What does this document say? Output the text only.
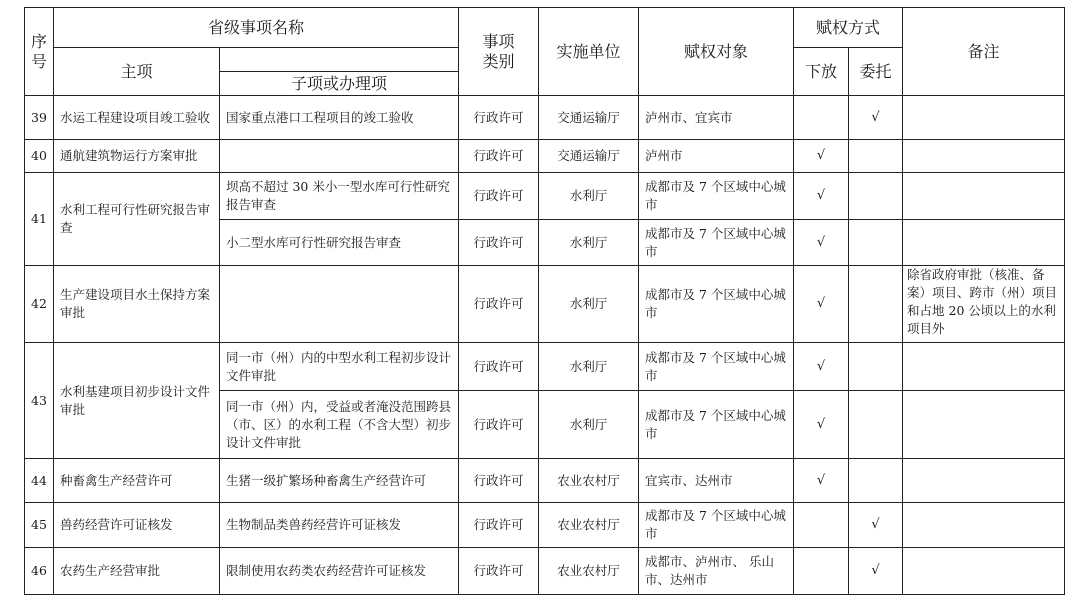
序号	省级事项名称		事项类别	实施单位	赋权对象	赋权方式		备注
	主项					下放	委托	
		子项或办理项						
39	水运工程建设项目竣工验收	国家重点港口工程项目的竣工验收	行政许可	交通运输厅	泸州市、宜宾市		√	
40	通航建筑物运行方案审批		行政许可	交通运输厅	泸州市	√		
41	水利工程可行性研究报告审查	坝高不超过 30 米小一型水库可行性研究报告审查	行政许可	水利厅	成都市及 7 个区域中心城市	√		
		小二型水库可行性研究报告审查	行政许可	水利厅	成都市及 7 个区域中心城市	√		
42	生产建设项目水土保持方案审批		行政许可	水利厅	成都市及 7 个区域中心城市	√		除省政府审批（核准、备案）项目、跨市（州）项目和占地 20 公顷以上的水利项目外
43	水利基建项目初步设计文件审批	同一市（州）内的中型水利工程初步设计文件审批	行政许可	水利厅	成都市及 7 个区域中心城市	√		
		同一市（州）内，受益或者淹没范围跨县（市、区）的水利工程（不含大型）初步设计文件审批	行政许可	水利厅	成都市及 7 个区域中心城市	√		
44	种畜禽生产经营许可	生猪一级扩繁场种畜禽生产经营许可	行政许可	农业农村厅	宜宾市、达州市	√		
45	兽药经营许可证核发	生物制品类兽药经营许可证核发	行政许可	农业农村厅	成都市及 7 个区域中心城市		√	
46	农药生产经营审批	限制使用农药类农药经营许可证核发	行政许可	农业农村厅	成都市、泸州市、 乐山市、达州市		√	
